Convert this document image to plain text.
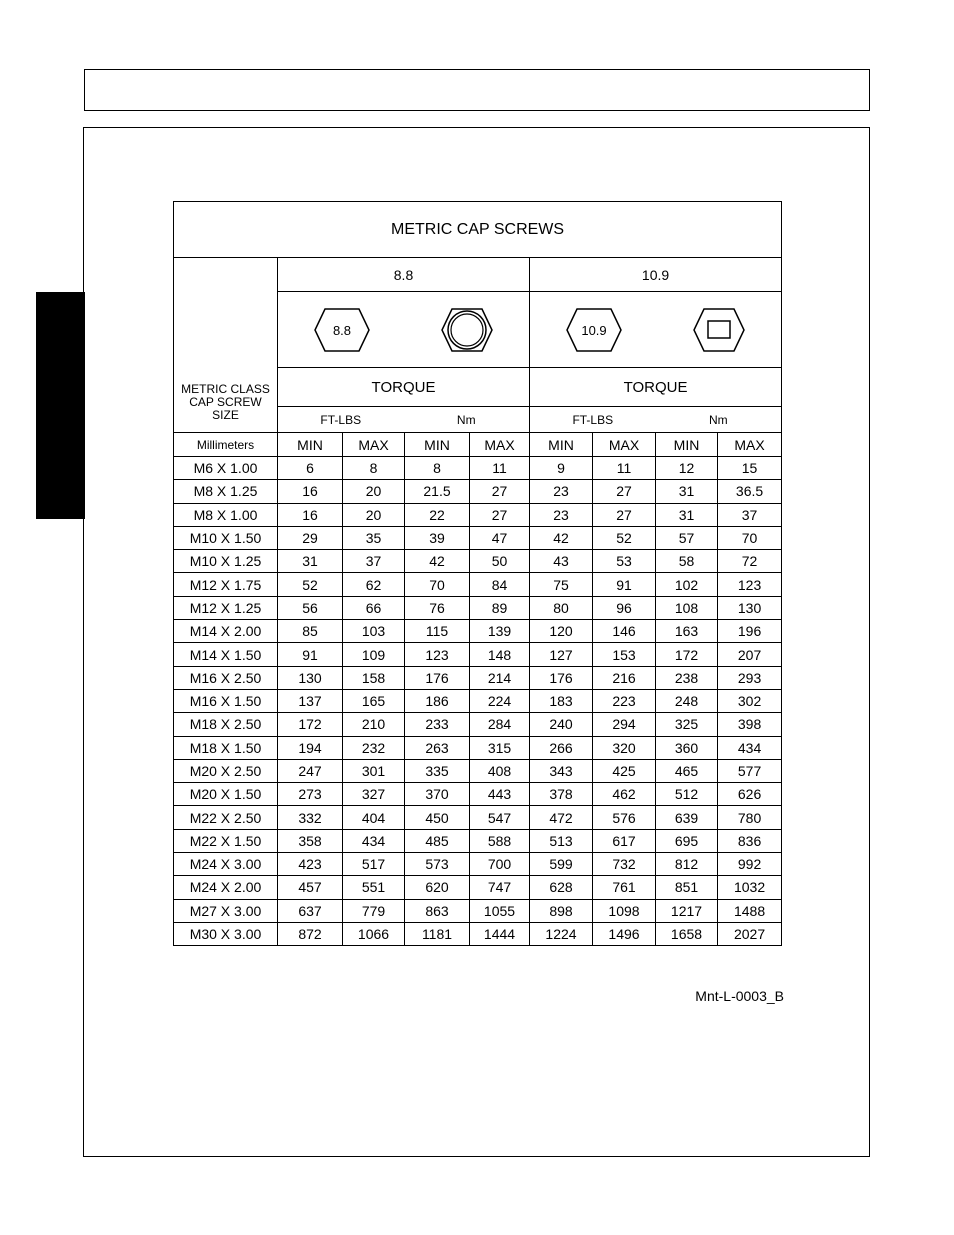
METRIC CAP SCREWS								

METRIC CLASS
CAP SCREW
SIZE	8.8				10.9			

8.8				10.9			

	TORQUE				TORQUE			

	FT-LBS Nm				FT-LBS Nm			

Millimeters	MIN	MAX	MIN	MAX	MIN	MAX	MIN	MAX
M6 X 1.00	6	8	8	11	9	11	12	15
M8 X 1.25	16	20	21.5	27	23	27	31	36.5
M8 X 1.00	16	20	22	27	23	27	31	37
M10 X 1.50	29	35	39	47	42	52	57	70
M10 X 1.25	31	37	42	50	43	53	58	72
M12 X 1.75	52	62	70	84	75	91	102	123
M12 X 1.25	56	66	76	89	80	96	108	130
M14 X 2.00	85	103	115	139	120	146	163	196
M14 X 1.50	91	109	123	148	127	153	172	207
M16 X 2.50	130	158	176	214	176	216	238	293
M16 X 1.50	137	165	186	224	183	223	248	302
M18 X 2.50	172	210	233	284	240	294	325	398
M18 X 1.50	194	232	263	315	266	320	360	434
M20 X 2.50	247	301	335	408	343	425	465	577
M20 X 1.50	273	327	370	443	378	462	512	626
M22 X 2.50	332	404	450	547	472	576	639	780
M22 X 1.50	358	434	485	588	513	617	695	836
M24 X 3.00	423	517	573	700	599	732	812	992
M24 X 2.00	457	551	620	747	628	761	851	1032
M27 X 3.00	637	779	863	1055	898	1098	1217	1488
M30 X 3.00	872	1066	1181	1444	1224	1496	1658	2027
Mnt-L-0003_B
